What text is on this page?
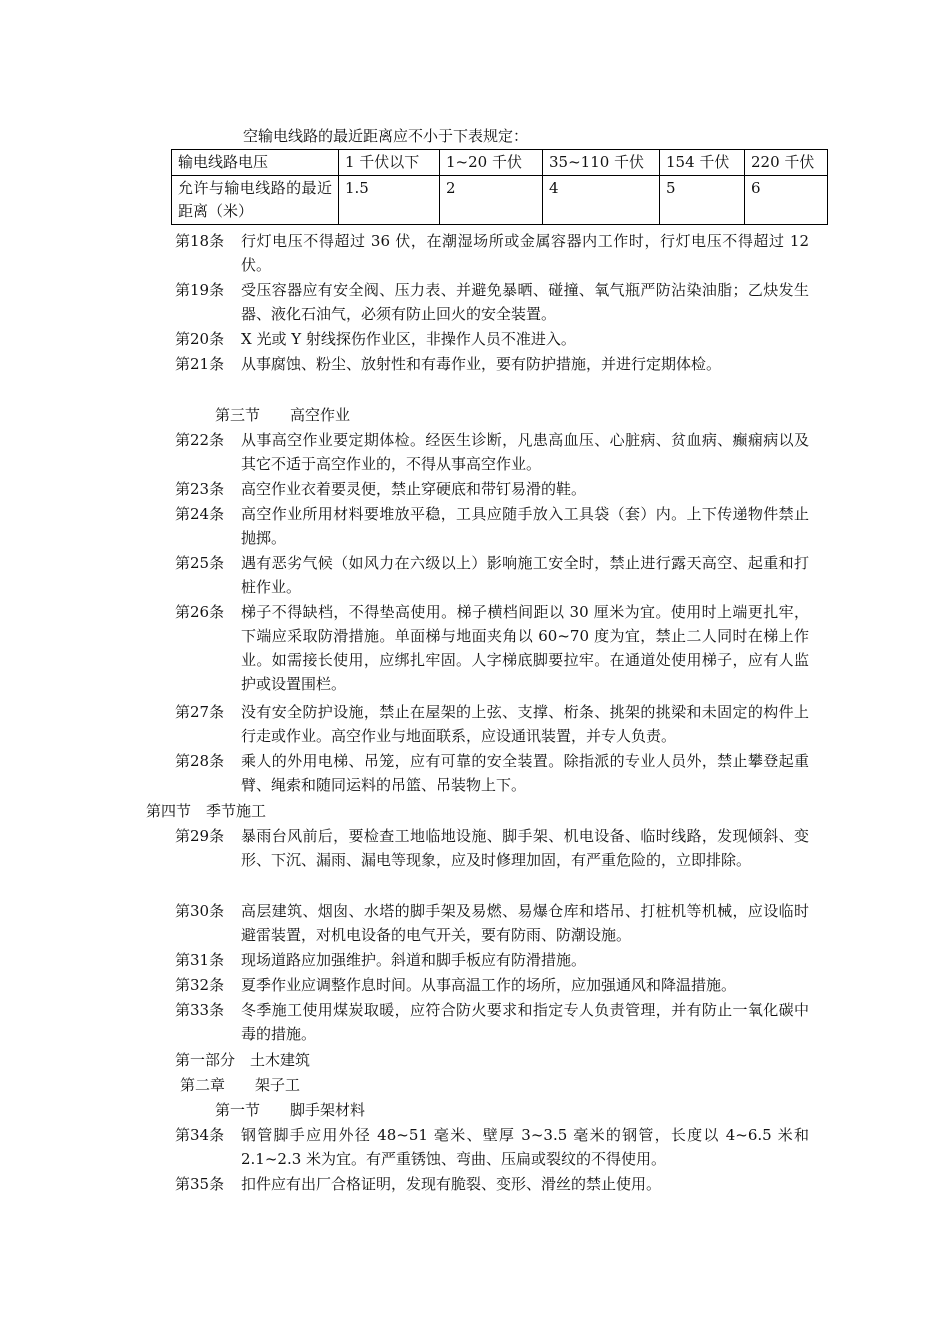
空输电线路的最近距离应不小于下表规定：
输电线路电压	1 千伏以下	1~20 千伏	35~110 千伏	154 千伏	220 千伏
允许与输电线路的最近距离（米）	1.5	2	4	5	6
第18条 行灯电压不得超过 36 伏，在潮湿场所或金属容器内工作时，行灯电压不得超过 12 伏。
第19条 受压容器应有安全阀、压力表、并避免暴晒、碰撞、氧气瓶严防沾染油脂；乙炔发生器、液化石油气，必须有防止回火的安全装置。
第20条 X 光或 Y 射线探伤作业区，非操作人员不准进入。
第21条 从事腐蚀、粉尘、放射性和有毒作业，要有防护措施，并进行定期体检。
第三节　　高空作业
第22条 从事高空作业要定期体检。经医生诊断，凡患高血压、心脏病、贫血病、癫痫病以及其它不适于高空作业的，不得从事高空作业。
第23条 高空作业衣着要灵便，禁止穿硬底和带钉易滑的鞋。
第24条 高空作业所用材料要堆放平稳，工具应随手放入工具袋（套）内。上下传递物件禁止抛掷。
第25条 遇有恶劣气候（如风力在六级以上）影响施工安全时，禁止进行露天高空、起重和打桩作业。
第26条 梯子不得缺档，不得垫高使用。梯子横档间距以 30 厘米为宜。使用时上端更扎牢，下端应采取防滑措施。单面梯与地面夹角以 60~70 度为宜，禁止二人同时在梯上作业。如需接长使用，应绑扎牢固。人字梯底脚要拉牢。在通道处使用梯子，应有人监护或设置围栏。
第27条 没有安全防护设施，禁止在屋架的上弦、支撑、桁条、挑架的挑梁和未固定的构件上行走或作业。高空作业与地面联系，应设通讯装置，并专人负责。
第28条 乘人的外用电梯、吊笼，应有可靠的安全装置。除指派的专业人员外，禁止攀登起重臂、绳索和随同运料的吊篮、吊装物上下。
第四节　季节施工
第29条 暴雨台风前后，要检查工地临地设施、脚手架、机电设备、临时线路，发现倾斜、变形、下沉、漏雨、漏电等现象，应及时修理加固，有严重危险的，立即排除。
第30条 高层建筑、烟囱、水塔的脚手架及易燃、易爆仓库和塔吊、打桩机等机械，应设临时避雷装置，对机电设备的电气开关，要有防雨、防潮设施。
第31条 现场道路应加强维护。斜道和脚手板应有防滑措施。
第32条 夏季作业应调整作息时间。从事高温工作的场所，应加强通风和降温措施。
第33条 冬季施工使用煤炭取暖，应符合防火要求和指定专人负责管理，并有防止一氧化碳中毒的措施。
第一部分　土木建筑
第二章　　架子工
第一节　　脚手架材料
第34条 钢管脚手应用外径 48~51 毫米、壁厚 3~3.5 毫米的钢管，长度以 4~6.5 米和 2.1~2.3 米为宜。有严重锈蚀、弯曲、压扁或裂纹的不得使用。
第35条 扣件应有出厂合格证明，发现有脆裂、变形、滑丝的禁止使用。
